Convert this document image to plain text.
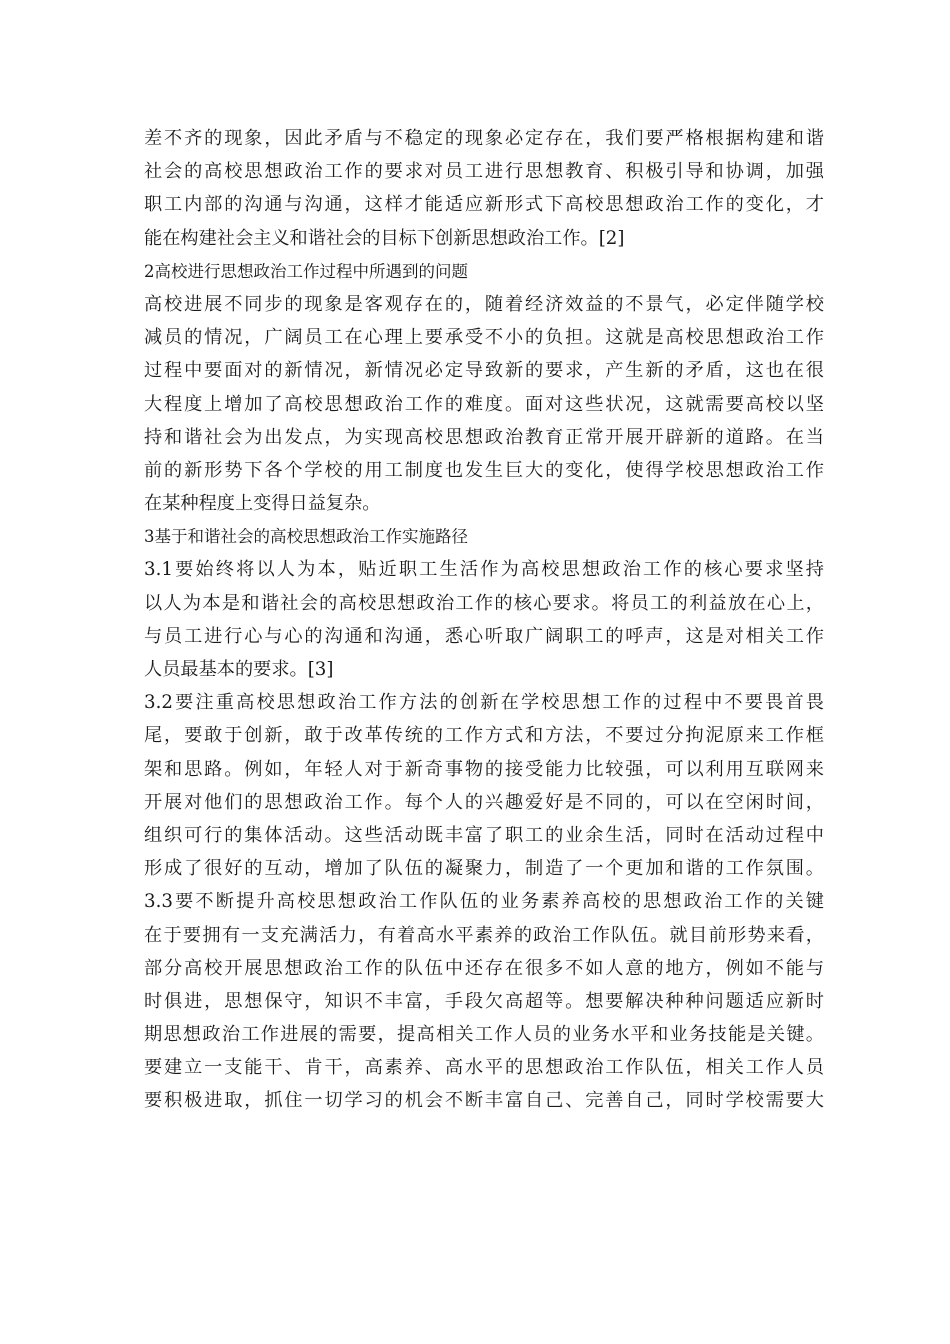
差不齐的现象，因此矛盾与不稳定的现象必定存在，我们要严格根据构建和谐
社会的高校思想政治工作的要求对员工进行思想教育、积极引导和协调，加强
职工内部的沟通与沟通，这样才能适应新形式下高校思想政治工作的变化，才
能在构建社会主义和谐社会的目标下创新思想政治工作。[2]
2高校进行思想政治工作过程中所遇到的问题
高校进展不同步的现象是客观存在的，随着经济效益的不景气，必定伴随学校
减员的情况，广阔员工在心理上要承受不小的负担。这就是高校思想政治工作
过程中要面对的新情况，新情况必定导致新的要求，产生新的矛盾，这也在很
大程度上增加了高校思想政治工作的难度。面对这些状况，这就需要高校以坚
持和谐社会为出发点，为实现高校思想政治教育正常开展开辟新的道路。在当
前的新形势下各个学校的用工制度也发生巨大的变化，使得学校思想政治工作
在某种程度上变得日益复杂。
3基于和谐社会的高校思想政治工作实施路径
3.1要始终将以人为本，贴近职工生活作为高校思想政治工作的核心要求坚持
以人为本是和谐社会的高校思想政治工作的核心要求。将员工的利益放在心上，
与员工进行心与心的沟通和沟通，悉心听取广阔职工的呼声，这是对相关工作
人员最基本的要求。[3]
3.2要注重高校思想政治工作方法的创新在学校思想工作的过程中不要畏首畏
尾，要敢于创新，敢于改革传统的工作方式和方法，不要过分拘泥原来工作框
架和思路。例如，年轻人对于新奇事物的接受能力比较强，可以利用互联网来
开展对他们的思想政治工作。每个人的兴趣爱好是不同的，可以在空闲时间，
组织可行的集体活动。这些活动既丰富了职工的业余生活，同时在活动过程中
形成了很好的互动，增加了队伍的凝聚力，制造了一个更加和谐的工作氛围。
3.3要不断提升高校思想政治工作队伍的业务素养高校的思想政治工作的关键
在于要拥有一支充满活力，有着高水平素养的政治工作队伍。就目前形势来看，
部分高校开展思想政治工作的队伍中还存在很多不如人意的地方，例如不能与
时俱进，思想保守，知识不丰富，手段欠高超等。想要解决种种问题适应新时
期思想政治工作进展的需要，提高相关工作人员的业务水平和业务技能是关键。
要建立一支能干、肯干，高素养、高水平的思想政治工作队伍，相关工作人员
要积极进取，抓住一切学习的机会不断丰富自己、完善自己，同时学校需要大
